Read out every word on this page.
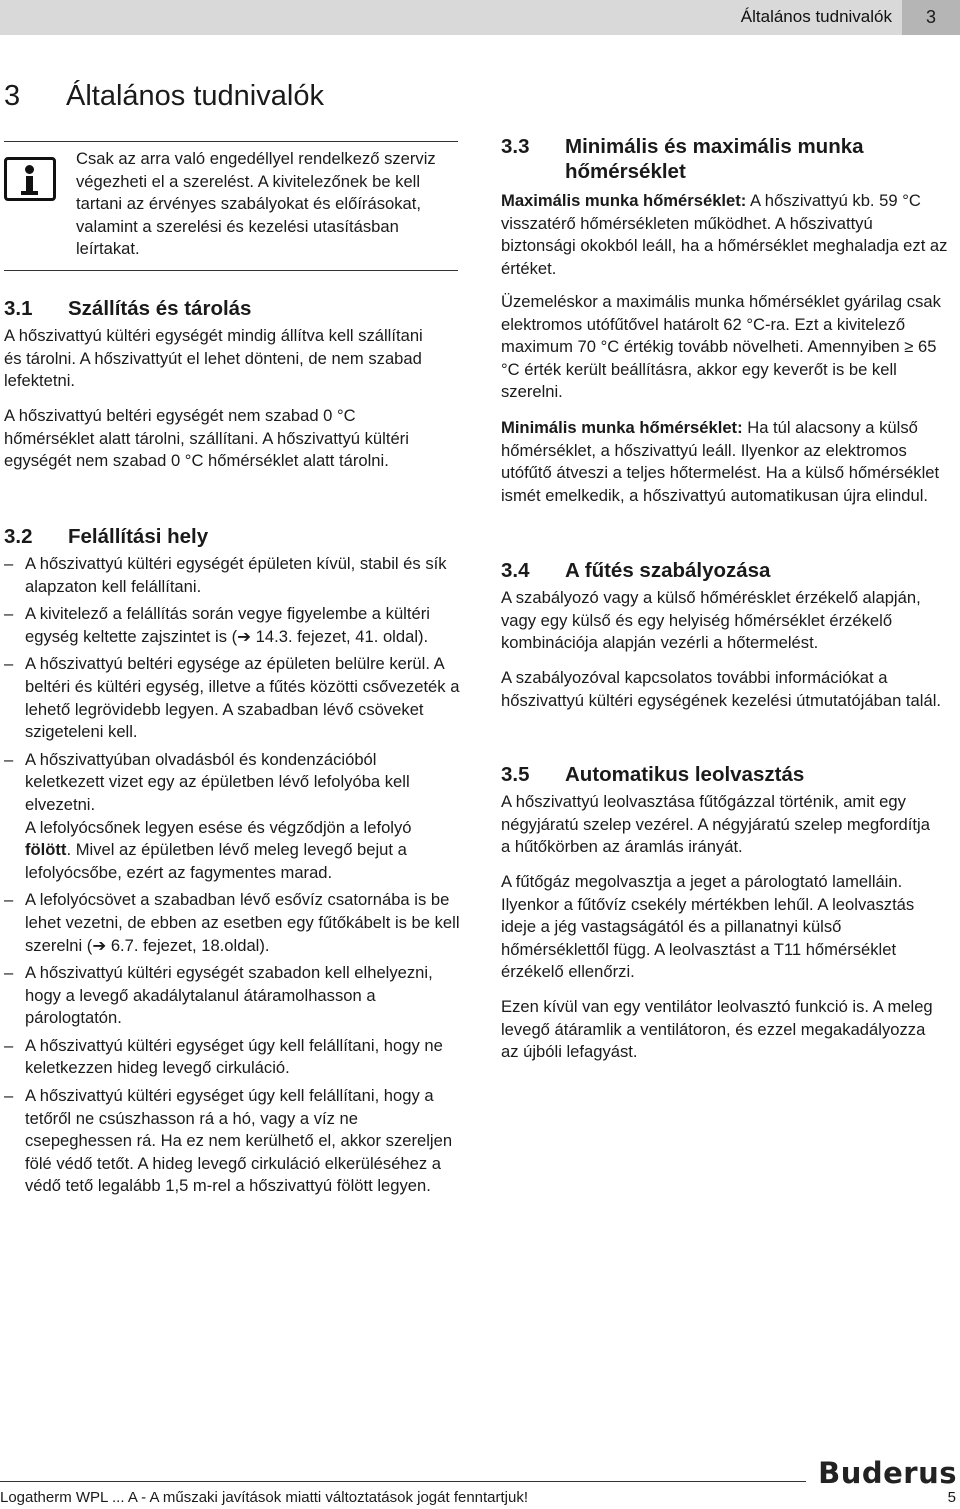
Általános tudnivalók	3
3 Általános tudnivalók

Csak az arra való engedéllyel rendelkező szerviz végezheti el a szerelést. A kivitelezőnek be kell tartani az érvényes szabályokat és előírásokat, valamint a szerelési és kezelési utasításban leírtakat.

3.1 Szállítás és tárolás

A hőszivattyú kültéri egységét mindig állítva kell szállítani és tárolni. A hőszivattyút el lehet dönteni, de nem szabad lefektetni.

A hőszivattyú beltéri egységét nem szabad 0 °C hőmérséklet alatt tárolni, szállítani. A hőszivattyú kültéri egységét nem szabad 0 °C hőmérséklet alatt tárolni.

3.2 Felállítási hely
– A hőszivattyú kültéri egységét épületen kívül, stabil és sík alapzaton kell felállítani.
– A kivitelező a felállítás során vegye figyelembe a kültéri egység keltette zajszintet is (➔ 14.3. fejezet, 41. oldal).
– A hőszivattyú beltéri egysége az épületen belülre kerül. A beltéri és kültéri egység, illetve a fűtés közötti csővezeték a lehető legrövidebb legyen. A szabadban lévő csöveket szigeteleni kell.
– A hőszivattyúban olvadásból és kondenzációból keletkezett vizet egy az épületben lévő lefolyóba kell elvezetni.
A lefolyócsőnek legyen esése és végződjön a lefolyó fölött. Mivel az épületben lévő meleg levegő bejut a lefolyócsőbe, ezért az fagymentes marad.
– A lefolyócsövet a szabadban lévő esővíz csatornába is be lehet vezetni, de ebben az esetben egy fűtőkábelt is be kell szerelni (➔ 6.7. fejezet, 18.oldal).
– A hőszivattyú kültéri egységét szabadon kell elhelyezni, hogy a levegő akadálytalanul átáramolhasson a párologtatón.
– A hőszivattyú kültéri egységet úgy kell felállítani, hogy ne keletkezzen hideg levegő cirkuláció.
– A hőszivattyú kültéri egységet úgy kell felállítani, hogy a tetőről ne csúszhasson rá a hó, vagy a víz ne csepeghessen rá. Ha ez nem kerülhető el, akkor szereljen fölé védő tetőt. A hideg levegő cirkuláció elkerüléséhez a védő tető legalább 1,5 m-rel a hőszivattyú fölött legyen.
3.3	Minimális és maximális munka hőmérséklet

Maximális munka hőmérséklet: A hőszivattyú kb. 59 °C visszatérő hőmérsékleten működhet. A hőszivattyú biztonsági okokból leáll, ha a hőmérséklet meghaladja ezt az értéket.

Üzemeléskor a maximális munka hőmérséklet gyárilag csak elektromos utófűtővel határolt 62 °C-ra. Ezt a kivitelező maximum 70 °C értékig tovább növelheti. Amennyiben ≥ 65 °C érték került beállításra, akkor egy keverőt is be kell szerelni.

Minimális munka hőmérséklet: Ha túl alacsony a külső hőmérséklet, a hőszivattyú leáll. Ilyenkor az elektromos utófűtő átveszi a teljes hőtermelést. Ha a külső hőmérséklet ismét emelkedik, a hőszivattyú automatikusan újra elindul.

3.4 A fűtés szabályozása

A szabályozó vagy a külső hőmérésklet érzékelő alapján, vagy egy külső és egy helyiség hőmérséklet érzékelő kombinációja alapján vezérli a hőtermelést.

A szabályozóval kapcsolatos további információkat a hőszivattyú kültéri egységének kezelési útmutatójában talál.

3.5 Automatikus leolvasztás

A hőszivattyú leolvasztása fűtőgázzal történik, amit egy négyjáratú szelep vezérel. A négyjáratú szelep megfordítja a hűtőkörben az áramlás irányát.

A fűtőgáz megolvasztja a jeget a párologtató lamelláin. Ilyenkor a fűtővíz csekély mértékben lehűl. A leolvasztás ideje a jég vastagságától és a pillanatnyi külső hőmérséklettől függ. A leolvasztást a T11 hőmérséklet érzékelő ellenőrzi.

Ezen kívül van egy ventilátor leolvasztó funkció is. A meleg levegő átáramlik a ventilátoron, és ezzel megakadályozza az újbóli lefagyást.

Buderus
Logatherm WPL ... A - A műszaki javítások miatti változtatások jogát fenntartjuk!	5
